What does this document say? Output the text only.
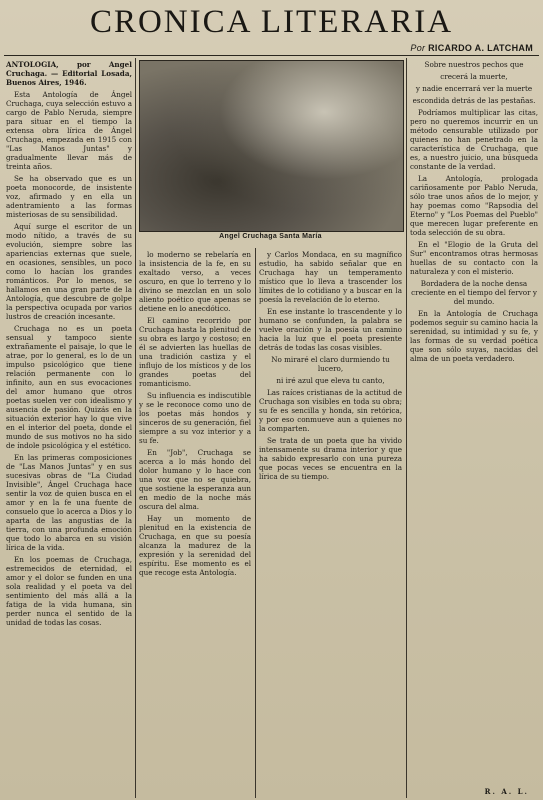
CRONICA LITERARIA
Por RICARDO A. LATCHAM
Angel Cruchaga Santa María

ANTOLOGIA, por Angel Cruchaga. — Editorial Losada, Buenos Aires, 1946.

Esta Antología de Ángel Cruchaga, cuya selección estuvo a cargo de Pablo Neruda, siempre para situar en el tiempo la extensa obra lírica de Ángel Cruchaga, empezada en 1915 con "Las Manos Juntas" y gradualmente llevar más de treinta años.

Se ha observado que es un poeta monocorde, de insistente voz, afirmado y en ella un adentramiento a las formas misteriosas de su sensibilidad.

Aquí surge el escritor de un modo nítido, a través de su evolución, siempre sobre las apariencias externas que suele, en ocasiones, sensibles, un poco como lo hacían los grandes románticos. Por lo menos, se hallamos en una gran parte de la Antología, que descubre de golpe la perspectiva ocupada por varios lustros de creación incesante.

Cruchaga no es un poeta sensual y tampoco siente extrañamente el paisaje, lo que le atrae, por lo general, es lo de un impulso psicológico que tiene relación permanente con lo infinito, aun en sus evocaciones del amor humano que otros poetas suelen ver con idealismo y ausencia de pasión. Quizás en la situación exterior hay lo que vive en el interior del poeta, donde el mundo de sus motivos no ha sido de índole psicológica y el estético.

En las primeras composiciones de "Las Manos Juntas" y en sus sucesivas obras de "La Ciudad Invisible", Ángel Cruchaga hace sentir la voz de quien busca en el amor y en la fe una fuente de consuelo que lo acerca a Dios y lo aparta de las angustias de la tierra, con una profunda emoción que todo lo abarca en su visión lírica de la vida.

En los poemas de Cruchaga, estremecidos de eternidad, el amor y el dolor se funden en una sola realidad y el poeta va del sentimiento del más allá a la fatiga de la vida humana, sin perder nunca el sentido de la unidad de todas las cosas.

lo moderno se rebelaría en la insistencia de la fe, en su exaltado verso, a veces oscuro, en que lo terreno y lo divino se mezclan en un solo aliento poético que apenas se detiene en lo anecdótico.

El camino recorrido por Cruchaga hasta la plenitud de su obra es largo y costoso; en él se advierten las huellas de una tradición castiza y el influjo de los místicos y de los grandes poetas del romanticismo.

Su influencia es indiscutible y se le reconoce como uno de los poetas más hondos y sinceros de su generación, fiel siempre a su voz interior y a su fe.

En "Job", Cruchaga se acerca a lo más hondo del dolor humano y lo hace con una voz que no se quiebra, que sostiene la esperanza aun en medio de la noche más oscura del alma.

Hay un momento de plenitud en la existencia de Cruchaga, en que su poesía alcanza la madurez de la expresión y la serenidad del espíritu. Ese momento es el que recoge esta Antología.

y Carlos Mondaca, en su magnífico estudio, ha sabido señalar que en Cruchaga hay un temperamento místico que lo lleva a trascender los límites de lo cotidiano y a buscar en la poesía la revelación de lo eterno.

En ese instante lo trascendente y lo humano se confunden, la palabra se vuelve oración y la poesía un camino hacia la luz que el poeta presiente detrás de todas las cosas visibles.

No miraré el claro durmiendo tu lucero,

ni iré azul que eleva tu canto,

Las raíces cristianas de la actitud de Cruchaga son visibles en toda su obra; su fe es sencilla y honda, sin retórica, y por eso conmueve aun a quienes no la comparten.

Se trata de un poeta que ha vivido intensamente su drama interior y que ha sabido expresarlo con una pureza que pocas veces se encuentra en la lírica de su tiempo.

Sobre nuestros pechos que

crecerá la muerte,

y nadie encerrará ver la muerte

escondida detrás de las pestañas.

Podríamos multiplicar las citas, pero no queremos incurrir en un método censurable utilizado por quienes no han penetrado en la característica de Cruchaga, que es, a nuestro juicio, una búsqueda constante de la verdad.

La Antología, prologada cariñosamente por Pablo Neruda, sólo trae unos años de lo mejor, y hay poemas como "Rapsodia del Eterno" y "Los Poemas del Pueblo" que merecen lugar preferente en toda selección de su obra.

En el "Elogio de la Gruta del Sur" encontramos otras hermosas huellas de su contacto con la naturaleza y con el misterio.

Bordadera de la noche densa creciente en el tiempo del fervor y del mundo.

En la Antología de Cruchaga podemos seguir su camino hacia la serenidad, su intimidad y su fe, y las formas de su verdad poética que son sólo suyas, nacidas del alma de un poeta verdadero.

R. A. L.
